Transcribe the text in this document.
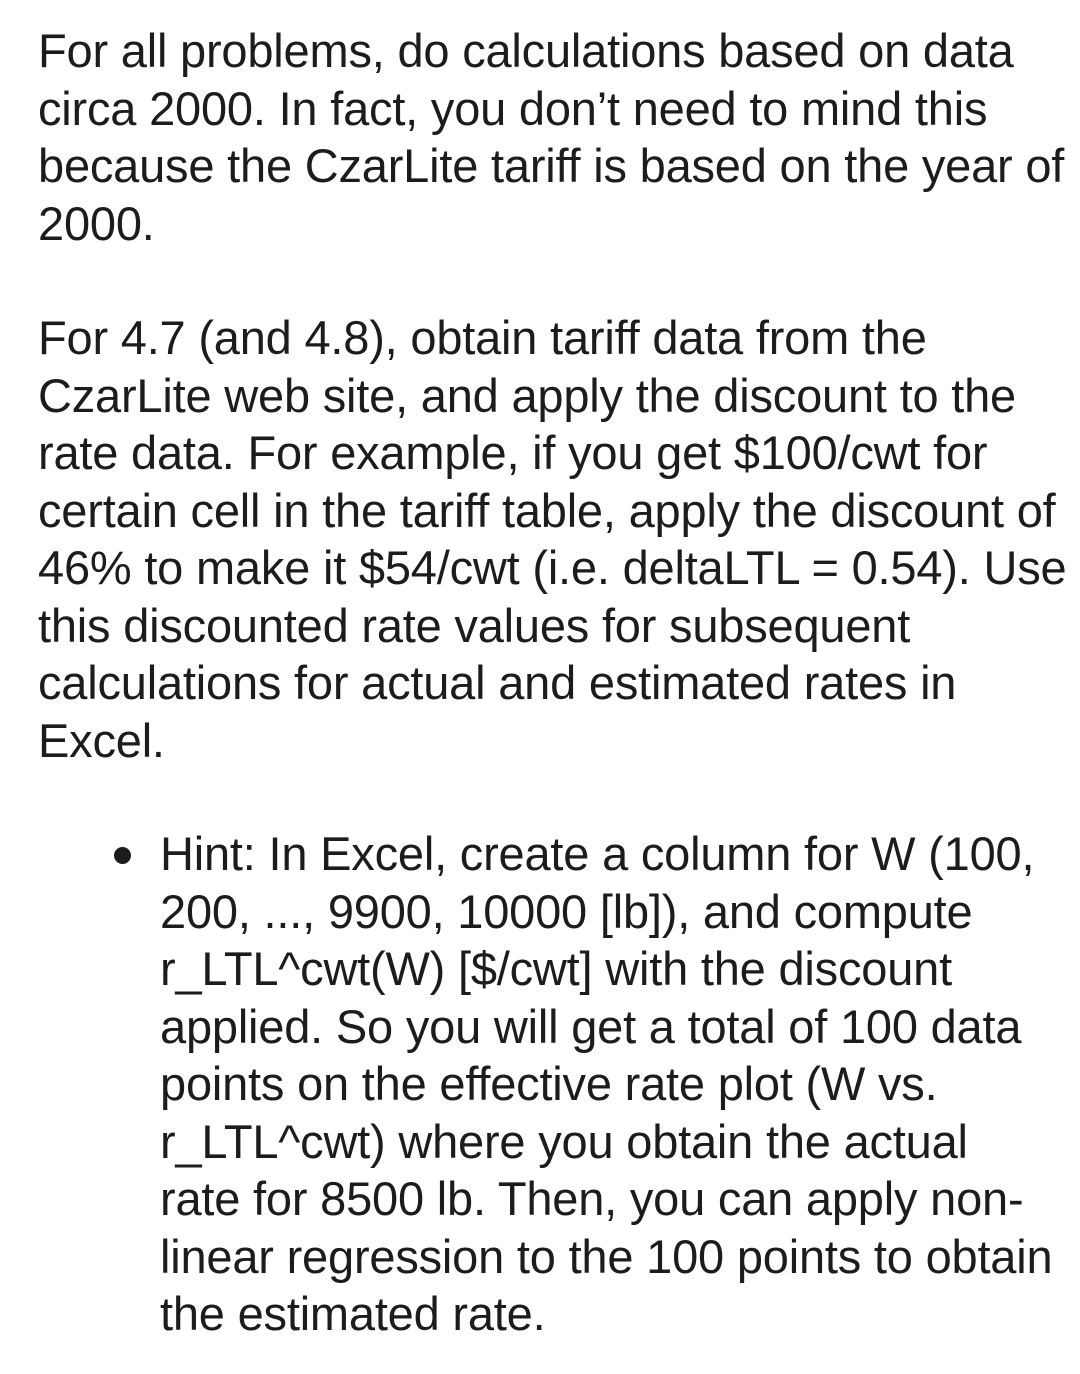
For all problems, do calculations based on data circa 2000. In fact, you don’t need to mind this because the CzarLite tariff is based on the year of 2000.

For 4.7 (and 4.8), obtain tariff data from the CzarLite web site, and apply the discount to the rate data. For example, if you get $100/cwt for certain cell in the tariff table, apply the discount of 46% to make it $54/cwt (i.e. deltaLTL = 0.54). Use this discounted rate values for subsequent calculations for actual and estimated rates in Excel.

Hint: In Excel, create a column for W (100, 200, ..., 9900, 10000 [lb]), and compute r_LTL^cwt(W) [$/cwt] with the discount applied. So you will get a total of 100 data points on the effective rate plot (W vs. r_LTL^cwt) where you obtain the actual rate for 8500 lb. Then, you can apply non-linear regression to the 100 points to obtain the estimated rate.
